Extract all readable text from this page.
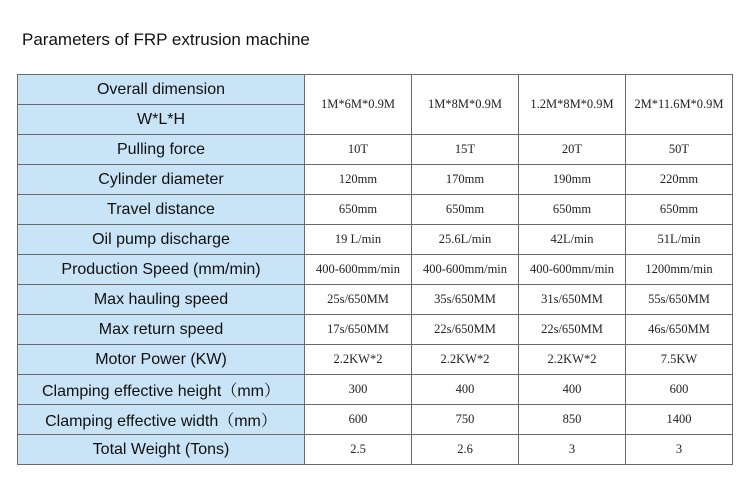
Parameters of FRP extrusion machine
Overall dimension	1M*6M*0.9M	1M*8M*0.9M	1.2M*8M*0.9M	2M*11.6M*0.9M
W*L*H				
Pulling force	10T	15T	20T	50T
Cylinder diameter	120mm	170mm	190mm	220mm
Travel distance	650mm	650mm	650mm	650mm
Oil pump discharge	19 L/min	25.6L/min	42L/min	51L/min
Production Speed (mm/min)	400-600mm/min	400-600mm/min	400-600mm/min	1200mm/min
Max hauling speed	25s/650MM	35s/650MM	31s/650MM	55s/650MM
Max return speed	17s/650MM	22s/650MM	22s/650MM	46s/650MM
Motor Power (KW)	2.2KW*2	2.2KW*2	2.2KW*2	7.5KW
Clamping effective height（mm）	300	400	400	600
Clamping effective width（mm）	600	750	850	1400
Total Weight (Tons)	2.5	2.6	3	3
